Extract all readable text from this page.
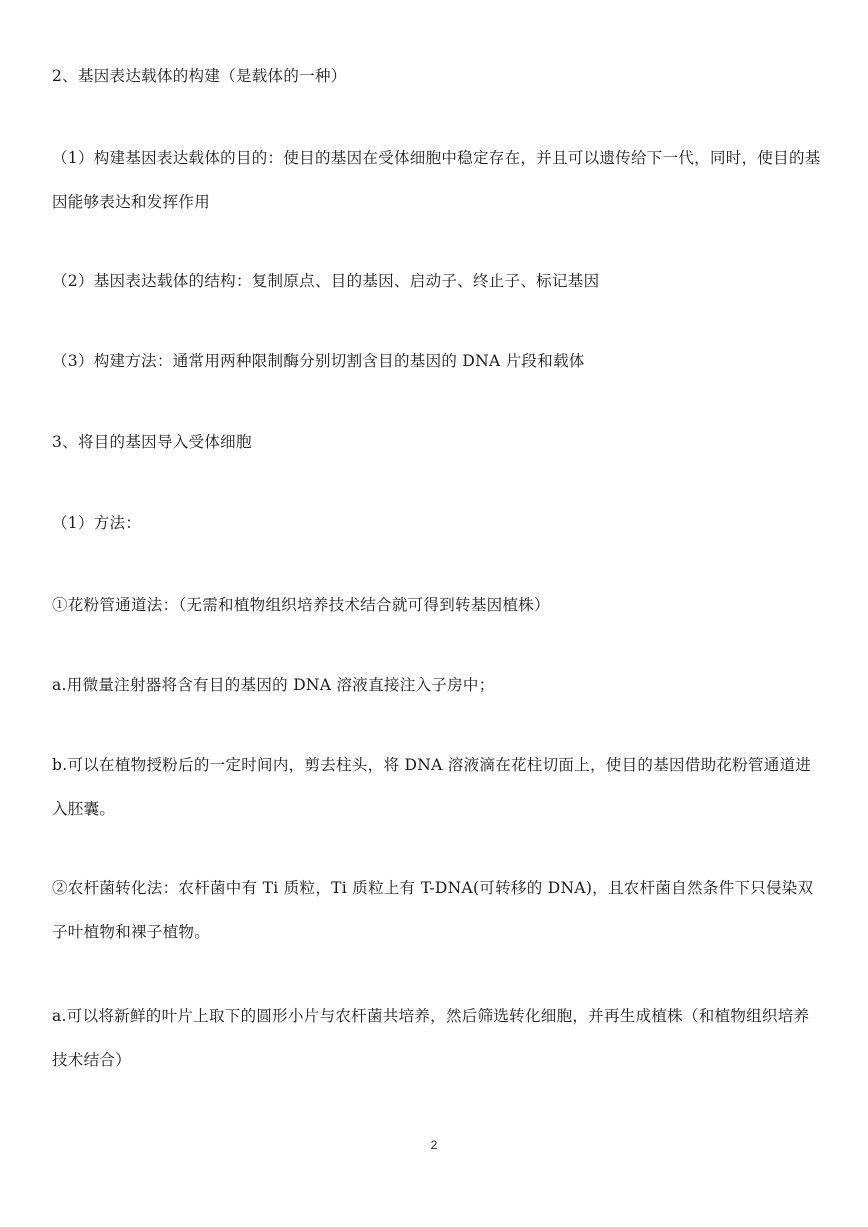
2、基因表达载体的构建（是载体的一种）

（1）构建基因表达载体的目的：使目的基因在受体细胞中稳定存在，并且可以遗传给下一代，同时，使目的基因能够表达和发挥作用

（2）基因表达载体的结构：复制原点、目的基因、启动子、终止子、标记基因

（3）构建方法：通常用两种限制酶分别切割含目的基因的 DNA 片段和载体

3、将目的基因导入受体细胞

（1）方法：

①花粉管通道法：（无需和植物组织培养技术结合就可得到转基因植株）

a.用微量注射器将含有目的基因的 DNA 溶液直接注入子房中；

b.可以在植物授粉后的一定时间内，剪去柱头，将 DNA 溶液滴在花柱切面上，使目的基因借助花粉管通道进入胚囊。

②农杆菌转化法：农杆菌中有 Ti 质粒，Ti 质粒上有 T-DNA(可转移的 DNA)，且农杆菌自然条件下只侵染双子叶植物和裸子植物。

a.可以将新鲜的叶片上取下的圆形小片与农杆菌共培养，然后筛选转化细胞，并再生成植株（和植物组织培养技术结合）

2
